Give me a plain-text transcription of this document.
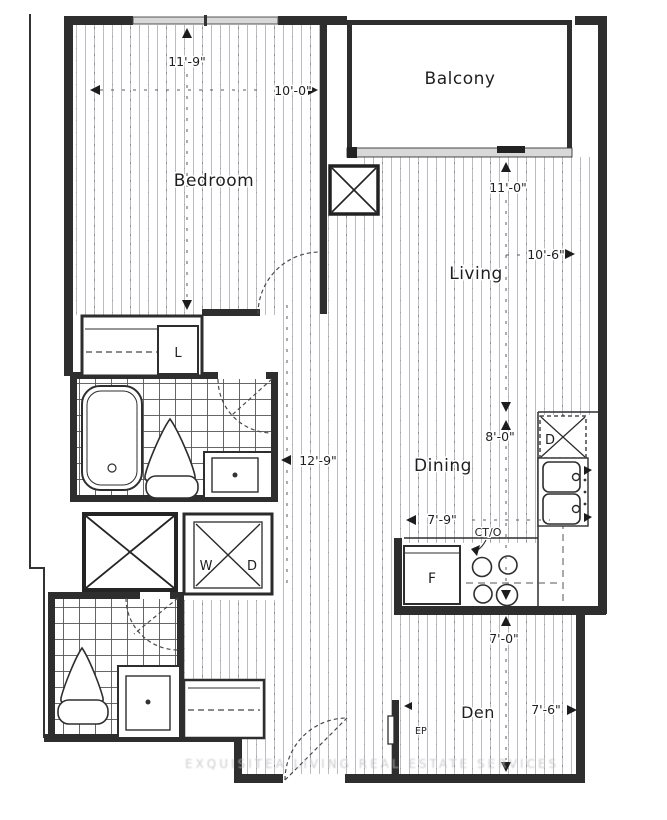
L
W	D
D
F
CT/O
EP
11'-9"
10'-0"
11'-0"
10'-6"
8'-0"
7'-9"
12'-9"
7'-0"
7'-6"
Balcony
Bedroom
Living
Dining
Den
EXQUISITEA LIVING REAL ESTATE SERVICES
